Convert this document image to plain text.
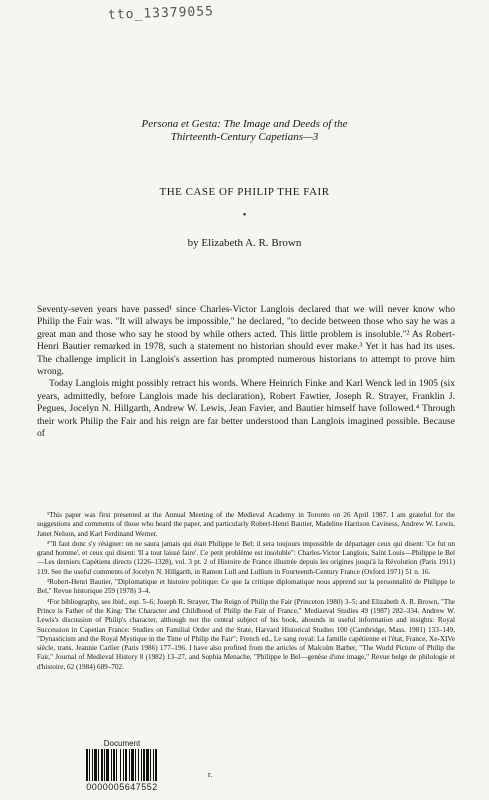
tto_13379055
Persona et Gesta: The Image and Deeds of the
Thirteenth-Century Capetians—3
THE CASE OF PHILIP THE FAIR
•
by Elizabeth A. R. Brown

Seventy-seven years have passed¹ since Charles-Victor Langlois declared that we will never know who Philip the Fair was. "It will always be impossible," he declared, "to decide between those who say he was a great man and those who say he stood by while others acted. This little problem is insoluble."² As Robert-Henri Bautier remarked in 1978, such a statement no historian should ever make.³ Yet it has had its uses. The challenge implicit in Langlois's assertion has prompted numerous historians to attempt to prove him wrong.

Today Langlois might possibly retract his words. Where Heinrich Finke and Karl Wenck led in 1905 (six years, admittedly, before Langlois made his declaration), Robert Fawtier, Joseph R. Strayer, Franklin J. Pegues, Jocelyn N. Hillgarth, Andrew W. Lewis, Jean Favier, and Bautier himself have followed.⁴ Through their work Philip the Fair and his reign are far better understood than Langlois imagined possible. Because of

¹This paper was first presented at the Annual Meeting of the Medieval Academy in Toronto on 26 April 1987. I am grateful for the suggestions and comments of those who heard the paper, and particularly Robert-Henri Bautier, Madeline Harrison Caviness, Andrew W. Lewis, Janet Nelson, and Karl Ferdinand Werner.

²"Il faut donc s'y résigner: on ne saura jamais qui était Philippe le Bel; il sera toujours impossible de départager ceux qui disent: 'Ce fut un grand homme', et ceux qui disent: 'Il a tout laissé faire'. Ce petit problème est insoluble": Charles-Victor Langlois, Saint Louis—Philippe le Bel—Les derniers Capétiens directs (1226–1328), vol. 3 pt. 2 of Histoire de France illustrée depuis les origines jusqu'à la Révolution (Paris 1911) 119. See the useful comments of Jocelyn N. Hillgarth, in Ramon Lull and Lullism in Fourteenth-Century France (Oxford 1971) 51 n. 16.

³Robert-Henri Bautier, "Diplomatique et histoire politique: Ce que la critique diplomatique nous apprend sur la personnalité de Philippe le Bel," Revue historique 259 (1978) 3–4.

⁴For bibliography, see ibid., esp. 5–6; Joseph R. Strayer, The Reign of Philip the Fair (Princeton 1980) 3–5; and Elizabeth A. R. Brown, "The Prince is Father of the King: The Character and Childhood of Philip the Fair of France," Mediaeval Studies 49 (1987) 282–334. Andrew W. Lewis's discussion of Philip's character, although not the central subject of his book, abounds in useful information and insights: Royal Succession in Capetian France: Studies on Familial Order and the State, Harvard Historical Studies 100 (Cambridge, Mass. 1981) 133–149, "Dynasticism and the Royal Mystique in the Time of Philip the Fair"; French ed., Le sang royal: La famille capétienne et l'état, France, Xe-XIVe siècle, trans. Jeannie Carlier (Paris 1986) 177–196. I have also profited from the articles of Malcolm Barber, "The World Picture of Philip the Fair," Journal of Medieval History 8 (1982) 13–27, and Sophia Menache, "Philippe le Bel—genèse d'une image," Revue belge de philologie et d'histoire, 62 (1984) 689–702.

Document
0000005647552
r.
